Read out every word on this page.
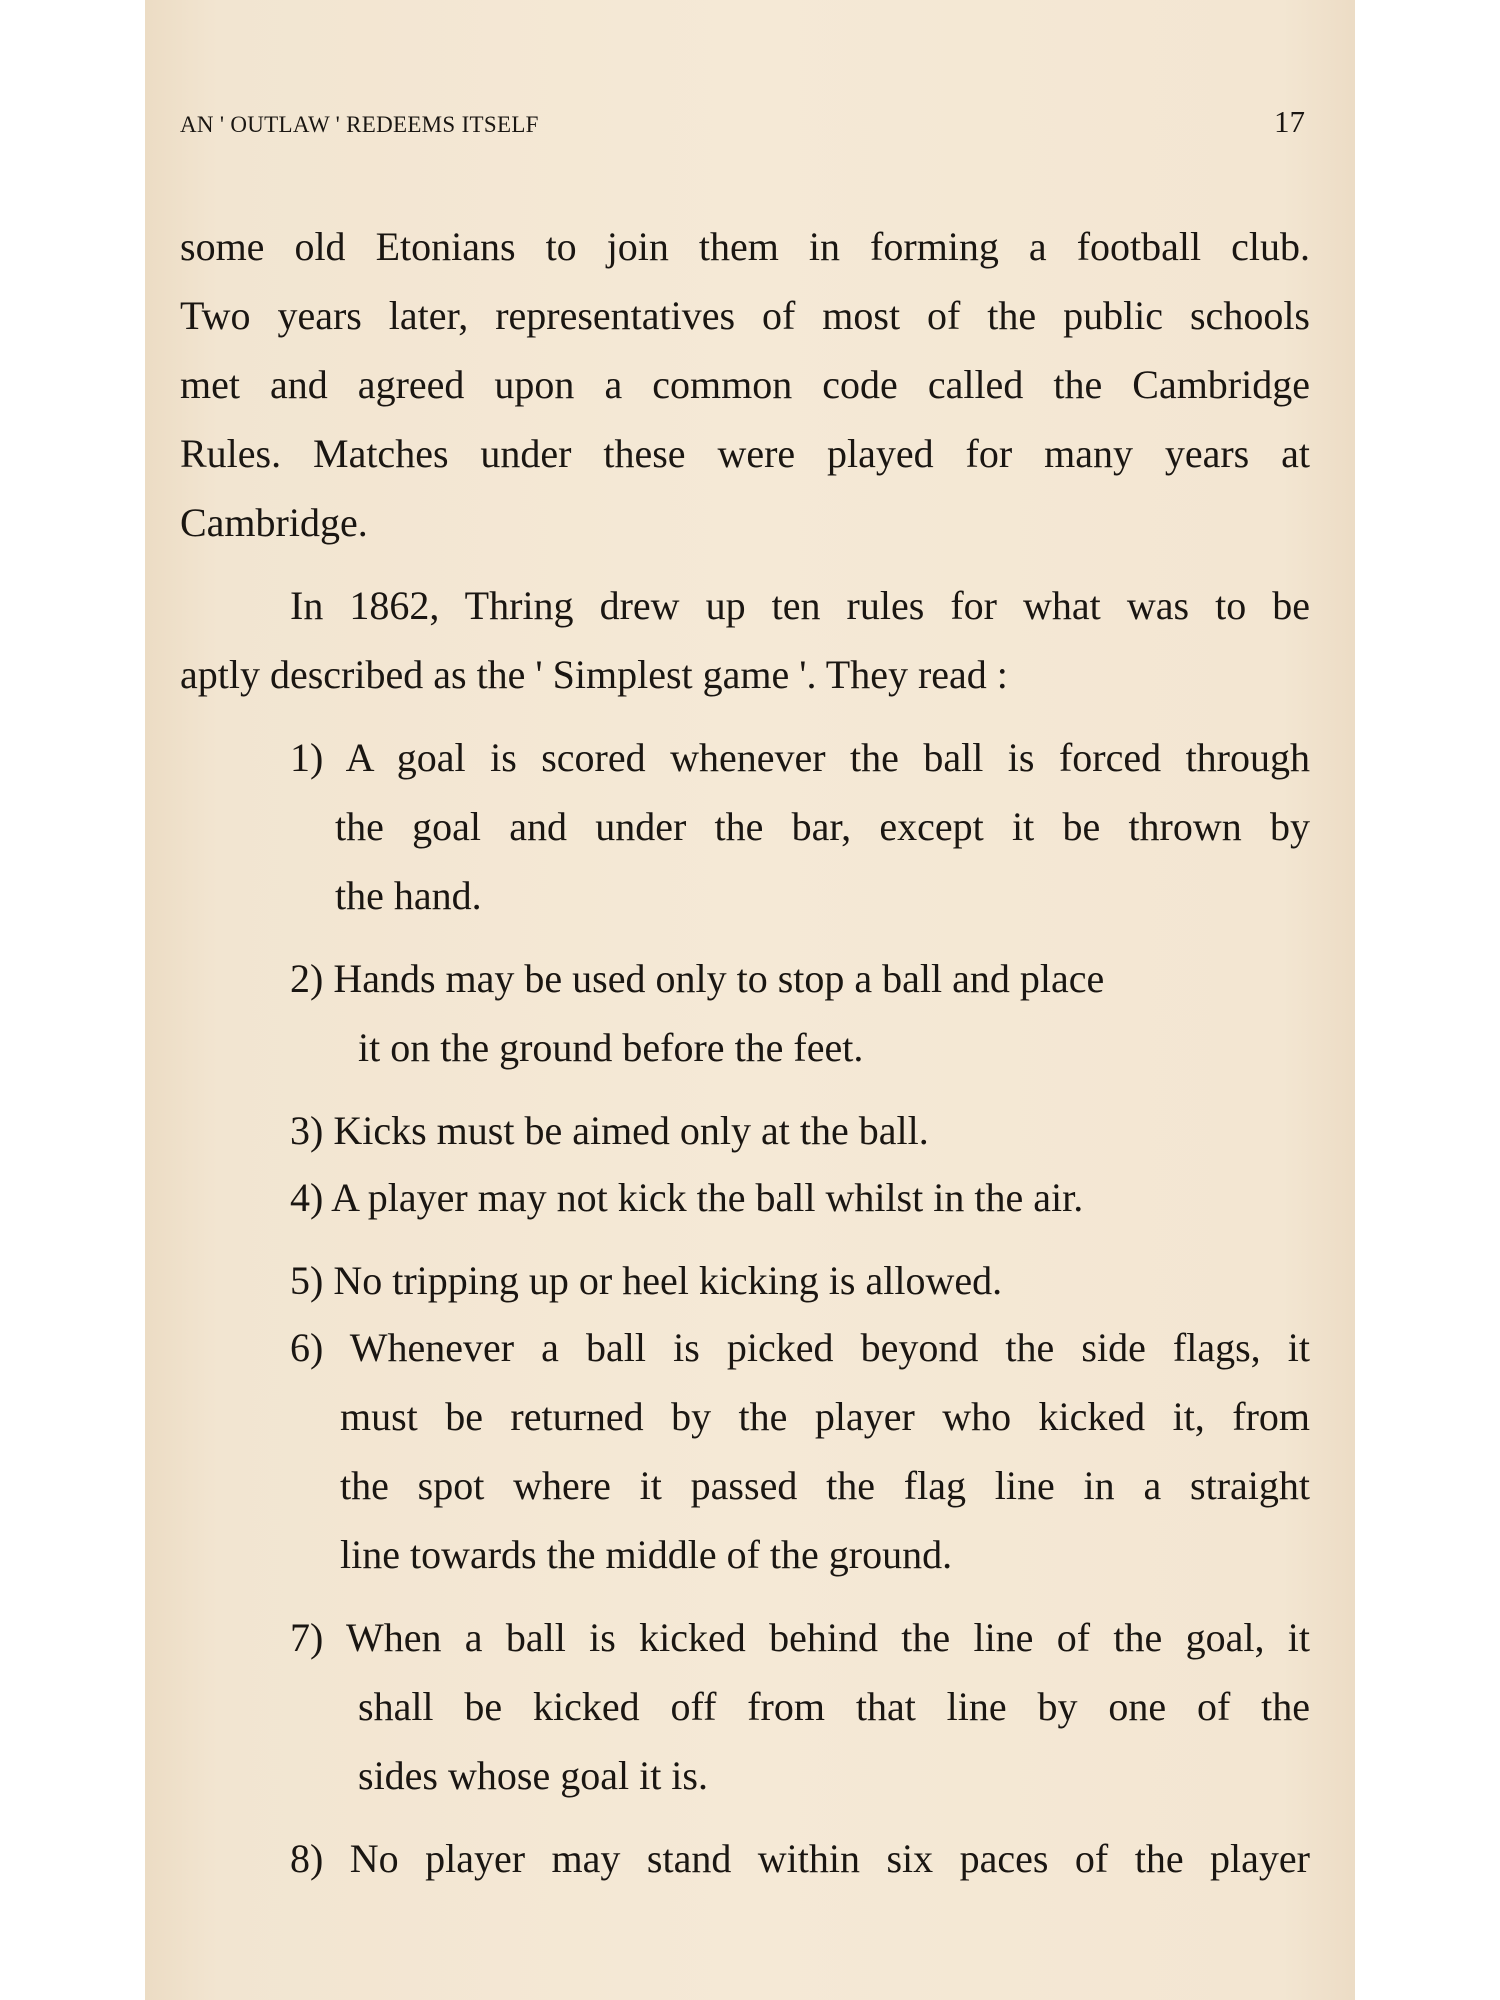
AN ' OUTLAW ' REDEEMS ITSELF	17
some old Etonians to join them in forming a football club.
Two years later, representatives of most of the public schools
met and agreed upon a common code called the Cambridge
Rules. Matches under these were played for many years at
Cambridge.
In 1862, Thring drew up ten rules for what was to be
aptly described as the ' Simplest game '. They read :
1) A goal is scored whenever the ball is forced through
the goal and under the bar, except it be thrown by
the hand.
2) Hands may be used only to stop a ball and place
it on the ground before the feet.
3) Kicks must be aimed only at the ball.
4) A player may not kick the ball whilst in the air.
5) No tripping up or heel kicking is allowed.
6) Whenever a ball is picked beyond the side flags, it
must be returned by the player who kicked it, from
the spot where it passed the flag line in a straight
line towards the middle of the ground.
7) When a ball is kicked behind the line of the goal, it
shall be kicked off from that line by one of the
sides whose goal it is.
8) No player may stand within six paces of the player
